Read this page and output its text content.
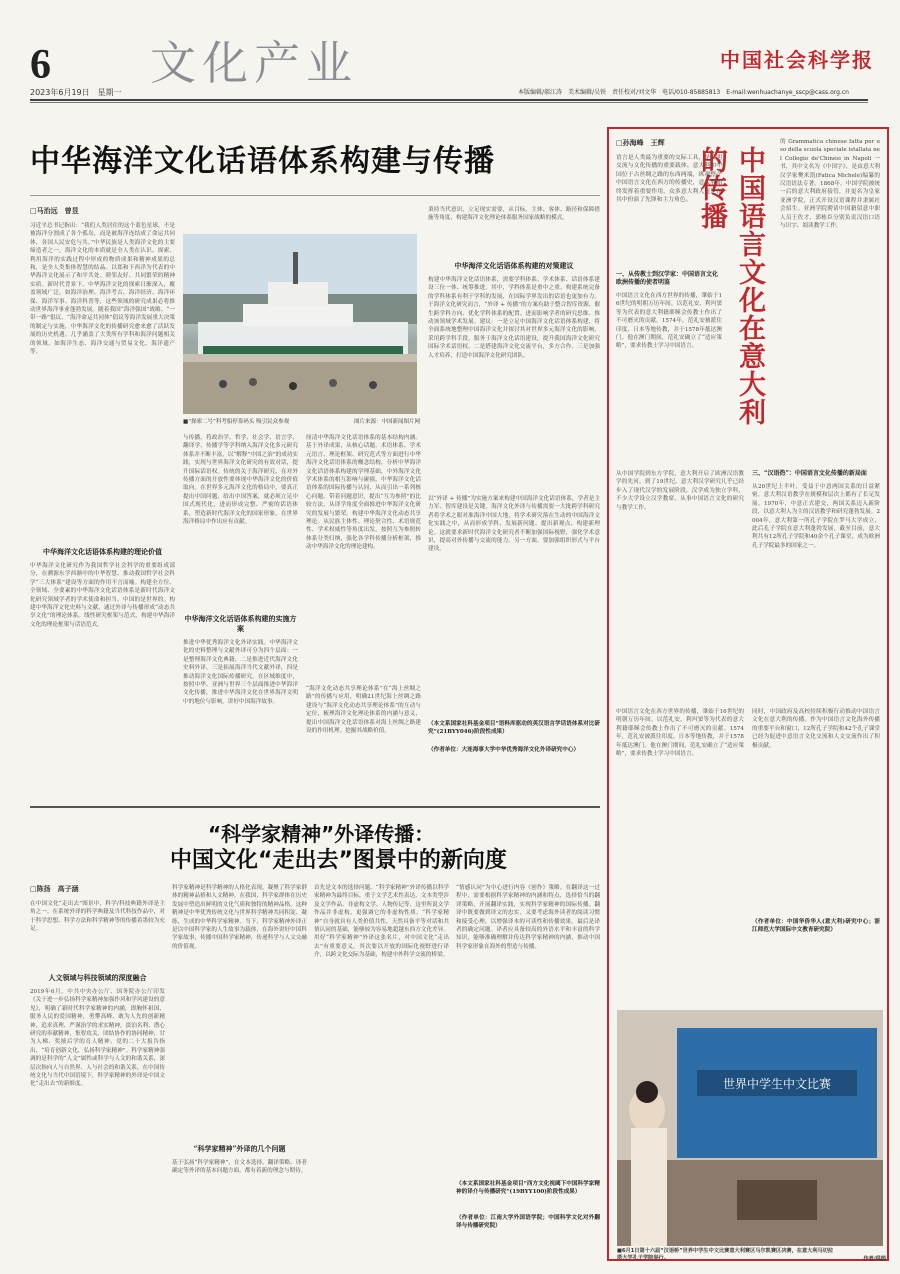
6 文化产业	中国社会科学报
2023年6月19日　星期一	本版编辑/郝江涛　美术编辑/吴铁　责任校对/刘文华　电话/010-85885813　E-mail:wenhuachanye_sscp@cass.org.cn
中华海洋文化话语体系构建与传播
□马治远　曾昱
习近平总书记指出：“我们人类居住的这个蓝色星球，不是被海洋分割成了各个孤岛，而是被海洋连结成了命运共同体，各国人民安危与共。”中华民族是人类海洋文化的主要缔造者之一，海洋文化的本质就是全人类在认识、探索、利用海洋的实践过程中形成的物质成果和精神成果的总和，是全人类集体智慧的结晶。以郑和下西洋为代表的中华海洋文化展示了和平共处、睦邻友好、共同繁荣的精神实质。新时代背景下，中华海洋文化的探索日渐深入，覆盖领域广泛，如海洋治理、海洋考古、海洋经济、海洋环保、海洋军事、海洋科普等，这些领域的研究成果必将推动世界海洋事业蓬勃发展。随着我国“海洋强国”战略、“一带一路”倡议、“海洋命运共同体”倡议等海洋发展重大决策的制定与实施，中华海洋文化的传播研究愈来愈了活跃发展的历史机遇。几乎涵盖了大类所有学科和海洋问题相关的领域，如海洋生态、海洋交通与贸易文化、海洋遗产等。
中华海洋文化话语体系构建的理论价值
中华海洋文化研究作为我国哲学社会科学的重要组成部分，在溯源东学西渐中的中华智慧、推动我国哲学社会科学“三大体系”建设等方面的作用不言而喻。构建全方位、全领域、全要素的中华海洋文化话语体系是新时代海洋文化研究领域学者的学术使命和担当。中国的是世界的。构建中华海洋文化史料与文献，通过外译与传播形成“动态共享文化”的理论体系。线性研究框架与范式，构建中华海洋文化的理论框架与话语范式。
■“探索二号”科考船停靠码头 吸引民众参观	图片来源：中国新闻图片网
与传播，将政治学、哲学、社会学、语言学、翻译学、传播学等学科纳入海洋文化多元研究体系并不断丰富，以“解释”中国之治”的成功实践，实现与世界海洋文化研究的有效对话，提升国际话语权。传统的关于海洋研究，在对外传播方面的开放性要体现中华海洋文化的价值取向。在世界多元海洋文化的格局中，要真正提出中国问题、给出中国答案，就必须立足中国式现代化，进而形成完整、严密的话语体系，塑造新时代海洋文化的国家形象，在世界海洋格局中作出应有贡献。
中华海洋文化话语体系构建的实施方案
推进中华优秀海洋文化外译实践。中华海洋文化的史料整理与文献外译可分为四个层面：一是整理海洋文化典籍，二是推进近代海洋文化史料外译，三是拓展海洋当代文献外译，四是推动海洋文化国际传播研究。在区域维度中，按照中华、亚洲与世界三个层面推进中华海洋文化传播，推进中华海洋文化在世界海洋文明中的地位与影响，讲好中国海洋故事。
厘清中华海洋文化话语体系的基本结构内涵。基于外译成果，从核心话题、术语体系、学术元语言、理论框架、研究范式等方面进行中华海洋文化话语体系的概念结构，分析中华海洋文化话语体系构建的学理基础，中外海洋文化学术体系的相互影响与碰撞，中华海洋文化话语体系的国际传播与认同，从而引出一系列核心问题。带着问题意识，提出“互为参照”的比较方法，从译学角度全面推进中华海洋文化研究的发展与繁荣。构建中华海洋文化动态共享理论。从民族主体性、理论契合性、术语规范性、学术权威性等角度出发，按照互为参照转体系分类归纳，强化各学科传播分析框架，推动中华海洋文化的理论建构。
“海洋文化动态共享理论体系”在“海上丝绸之路”的传播与应用，明确21世纪海上丝绸之路建设与“海洋文化动态共享理论体系”的互动与定位，梳理海洋文化理论体系的内涵与意义，提出中国海洋文化话语体系对海上丝绸之路建设的作用机理。挖掘其战略价值。
秉持当代意识，立足现实需要，从目标、主体、客体、路径和保障措施等角度，构建海洋文化理论体系服务国家战略的模式。
中华海洋文化话语体系构建的对策建议
构建中华海洋文化话语体系，需要学科体系、学术体系、话语体系建设三位一体、统筹推进。其中，学科体系是重中之重。构建系统完备的学科体系有利于学科的发展，在国际学界发出的话语也更加有力。于海洋文化研究而言，“外译 + 传播”的方案有助于整合智库资源、催生跨学科方向、优化学科体系的配置。进而影响学者的研究思维、推动该领域学术发展。建议：一是立足中国海洋文化话语体系构建，将全面系统地整理中国海洋文化并探讨其对世界多元海洋文化的影响，采用跨学科手段，服务于海洋文化话语建设，提升我国海洋文化研究国际学术话语权。二是搭建海洋文化交流平台，多方合作。三是加强人才培养，打造中国海洋文化研究团队。
以“外译 + 传播”为实施方案来构建中国海洋文化话语体系，学者是主力军、智库建设是关键。海洋文化外译与传播需要一大批跨学科研究者将学术之眼对准海洋中国大地，将学术研究落在生动的中国海洋文化实践之中，从而形成学科、发展新问题、提出新观点、构建新理论。这就要求新时代海洋文化研究者不断加强国际视野，强化学术意识，提高对外传播与交流的能力。另一方面，要加强组织形式与平台建设。
（本文系国家社科基金项目“语料库驱动的英汉语言学话语体系对比研究”(21BYY046)阶段性成果）
（作者单位：大连海事大学中华优秀海洋文化外译研究中心）
“科学家精神”外译传播：
中国文化“走出去”图景中的新向度
□陈扬　高子涵
在中国文化“走出去”图景中，科学/科技典籍外译是主角之一。在系统外译的科学典籍及当代科技作品中，对于科学思想、科学方法和科学精神等的传播着墨较为充足。
人文领域与科技领域的深度融合
2019年6月，中共中央办公厅、国务院办公厅印发《关于进一步弘扬科学家精神加强作风和学风建设的意见》，明确了新时代科学家精神的内涵，即胸怀祖国、服务人民的爱国精神，勇攀高峰、敢为人先的创新精神，追求真理、严谨治学的求实精神，淡泊名利、潜心研究的奉献精神，集智攻关、团结协作的协同精神，甘为人梯、奖掖后学的育人精神。党的二十大报告指出，“培育创新文化，弘扬科学家精神”。科学家精神强调的是科学的“人文”属性或科学与人文的和谐关系，深层次指向人与自然界、人与社会的和谐关系。在中国传统文化与当代中国语境下，科学家精神的外译是中国文化“走出去”的新维度。
科学家精神是科学精神的人格化表现，凝聚了科学家群体的精神品格和人文精神。在我国，科学家群体在历史发展中塑造出鲜明的文化气质和独特的精神品格，这种精神是中华优秀传统文化与世界科学精神共同积淀、凝练，生成的中华科学家精神。当下，科学家精神外译正是以中国科学家的人生故事为载体，在海外讲好中国科学家故事，传播中国科学家精神，传递科学与人文交融的价值观。
“科学家精神”外译的几个问题
基于弘扬“科学家精神”，在文本选择、翻译策略、译者确定等外译的基本问题方面，都有着新的理念与期待。
首先是文本的选择问题。“科学家精神”外译传播以科学家精神为最终目标，重于文学艺术性表达，文本类型涉及文学作品、非虚构文学、人物传记等，这里所说文学作品并非虚构，更强调它的非虚构性质。“科学家精神”自身就具有人类价值共性，天然具备平等对话和共情认同的基础，能够较为容易地超越东西方文化差异。用好“科学家精神”外译这张名片，对中国文化“走出去”有重要意义。其次要以开放的国际化视野进行译介，以跨文化交际为基础，构建中外科学交流的桥梁。
“情感认同”为中心进行内容《创作》策略。在翻译这一过程中，需要根据科学家精神的内涵和特点，选择恰当的翻译策略，开展翻译实践，实现科学家精神的国际传播。翻译中既要做到译文的忠实，又要考虑海外读者的阅读习惯和接受心理，以增强译本的可读性和传播效果。最后是译者的确定问题。译者应具备较高的外语水平和丰富的科学知识，能够准确理解并传达科学家精神的内涵，推动中国科学家形象在海外的塑造与传播。
（本文系国家社科基金项目“西方文化视阈下中国科学家精神的译介与传播研究”(19BYY100)阶段性成果）
（作者单位：江南大学外国语学院；中国科学文化对外翻译与传播研究院）
中国语言文化在意大利的传播
□孙海峰　王辉
语言是人类最为重要的交际工具，是文明交流与文化传播的重要载体。意大利和中国位于古丝绸之路的东西两端，纵观整个中国语言文化在西方的传播史，意大利始终发挥着重要作用，众多意大利人更是在其中扮演了先锋和主力角色。
一、从传教士到汉学家：中国语言文化欧洲传播的使者明鉴
中国语言文化在西方世界的传播，肇始于16世纪的明朝万历年间。以范礼安、利玛窦等为代表的意大利籍耶稣会传教士作出了不可磨灭的贡献。1574年，范礼安被派往印度、日本等地传教，并于1578年抵达澳门。他在澳门期间，范礼安确立了“适应策略”，要求传教士学习中国语言。
的 Grammatica chinese fatta per uso della scuola speciale istallata nel Collegio de'Chinesi in Napoli 一书，其中文名为《中国字》，是由意大利汉学家樊米凯(Fatica Michele)编纂的汉语语法专著。1868年，中国学院被统一后的意大利政府接管，并更名为皇家亚洲学院，正式开设汉语课程并隶属社会招生。亚洲学院聘请中国籍留意中职人员王佐才、郭栋臣分别负责汉语口语与识字、阅读教学工作。
从中国学院到东方学院，意大利开启了欧洲汉语教学的先河。到了19世纪，意大利汉学研究几乎已经步入了现代汉学的发展阶段，汉学成为独立学科，不少大学设立汉学教席，从事中国语言文化的研究与教学工作。
三、“汉语热”：中国语言文化传播的新局面
从20世纪上半叶，受益于中意两国关系的日益紧密，意大利汉语教学在规模和层次上都有了长足发展。1970年，中意正式建交，两国关系迈入新阶段，以意大利人为主的汉语教学和研究蓬勃发展。2004年，意大利第一所孔子学院在罗马大学成立，此后孔子学院在意大利蓬勃发展，截至目前，意大利共有12所孔子学院和40余个孔子课堂，成为欧洲孔子学院最多的国家之一。
中国语言文化在西方世界的传播，肇始于16世纪的明朝万历年间。以范礼安、利玛窦等为代表的意大利籍耶稣会传教士作出了不可磨灭的贡献。1574年，范礼安被派往印度、日本等地传教，并于1578年抵达澳门。他在澳门期间，范礼安确立了“适应策略”，要求传教士学习中国语言。
同时，中国政府及高校持续积极行动推动中国语言文化在意大利的传播。作为中国语言文化海外传播的重要平台和窗口，12所孔子学院和42个孔子课堂已经为促进中意语言文化交流和人文交流作出了积极贡献。
（作者单位：中国华侨华人(意大利)研究中心；浙江师范大学国际中文教育研究院）
世界中学生中文比赛
■6月1日第十六届“汉语桥”世界中学生中文比赛意大利赛区马尔凯赛区决赛，在意大利马切拉塔大学孔子学院举行。	作者/供图
